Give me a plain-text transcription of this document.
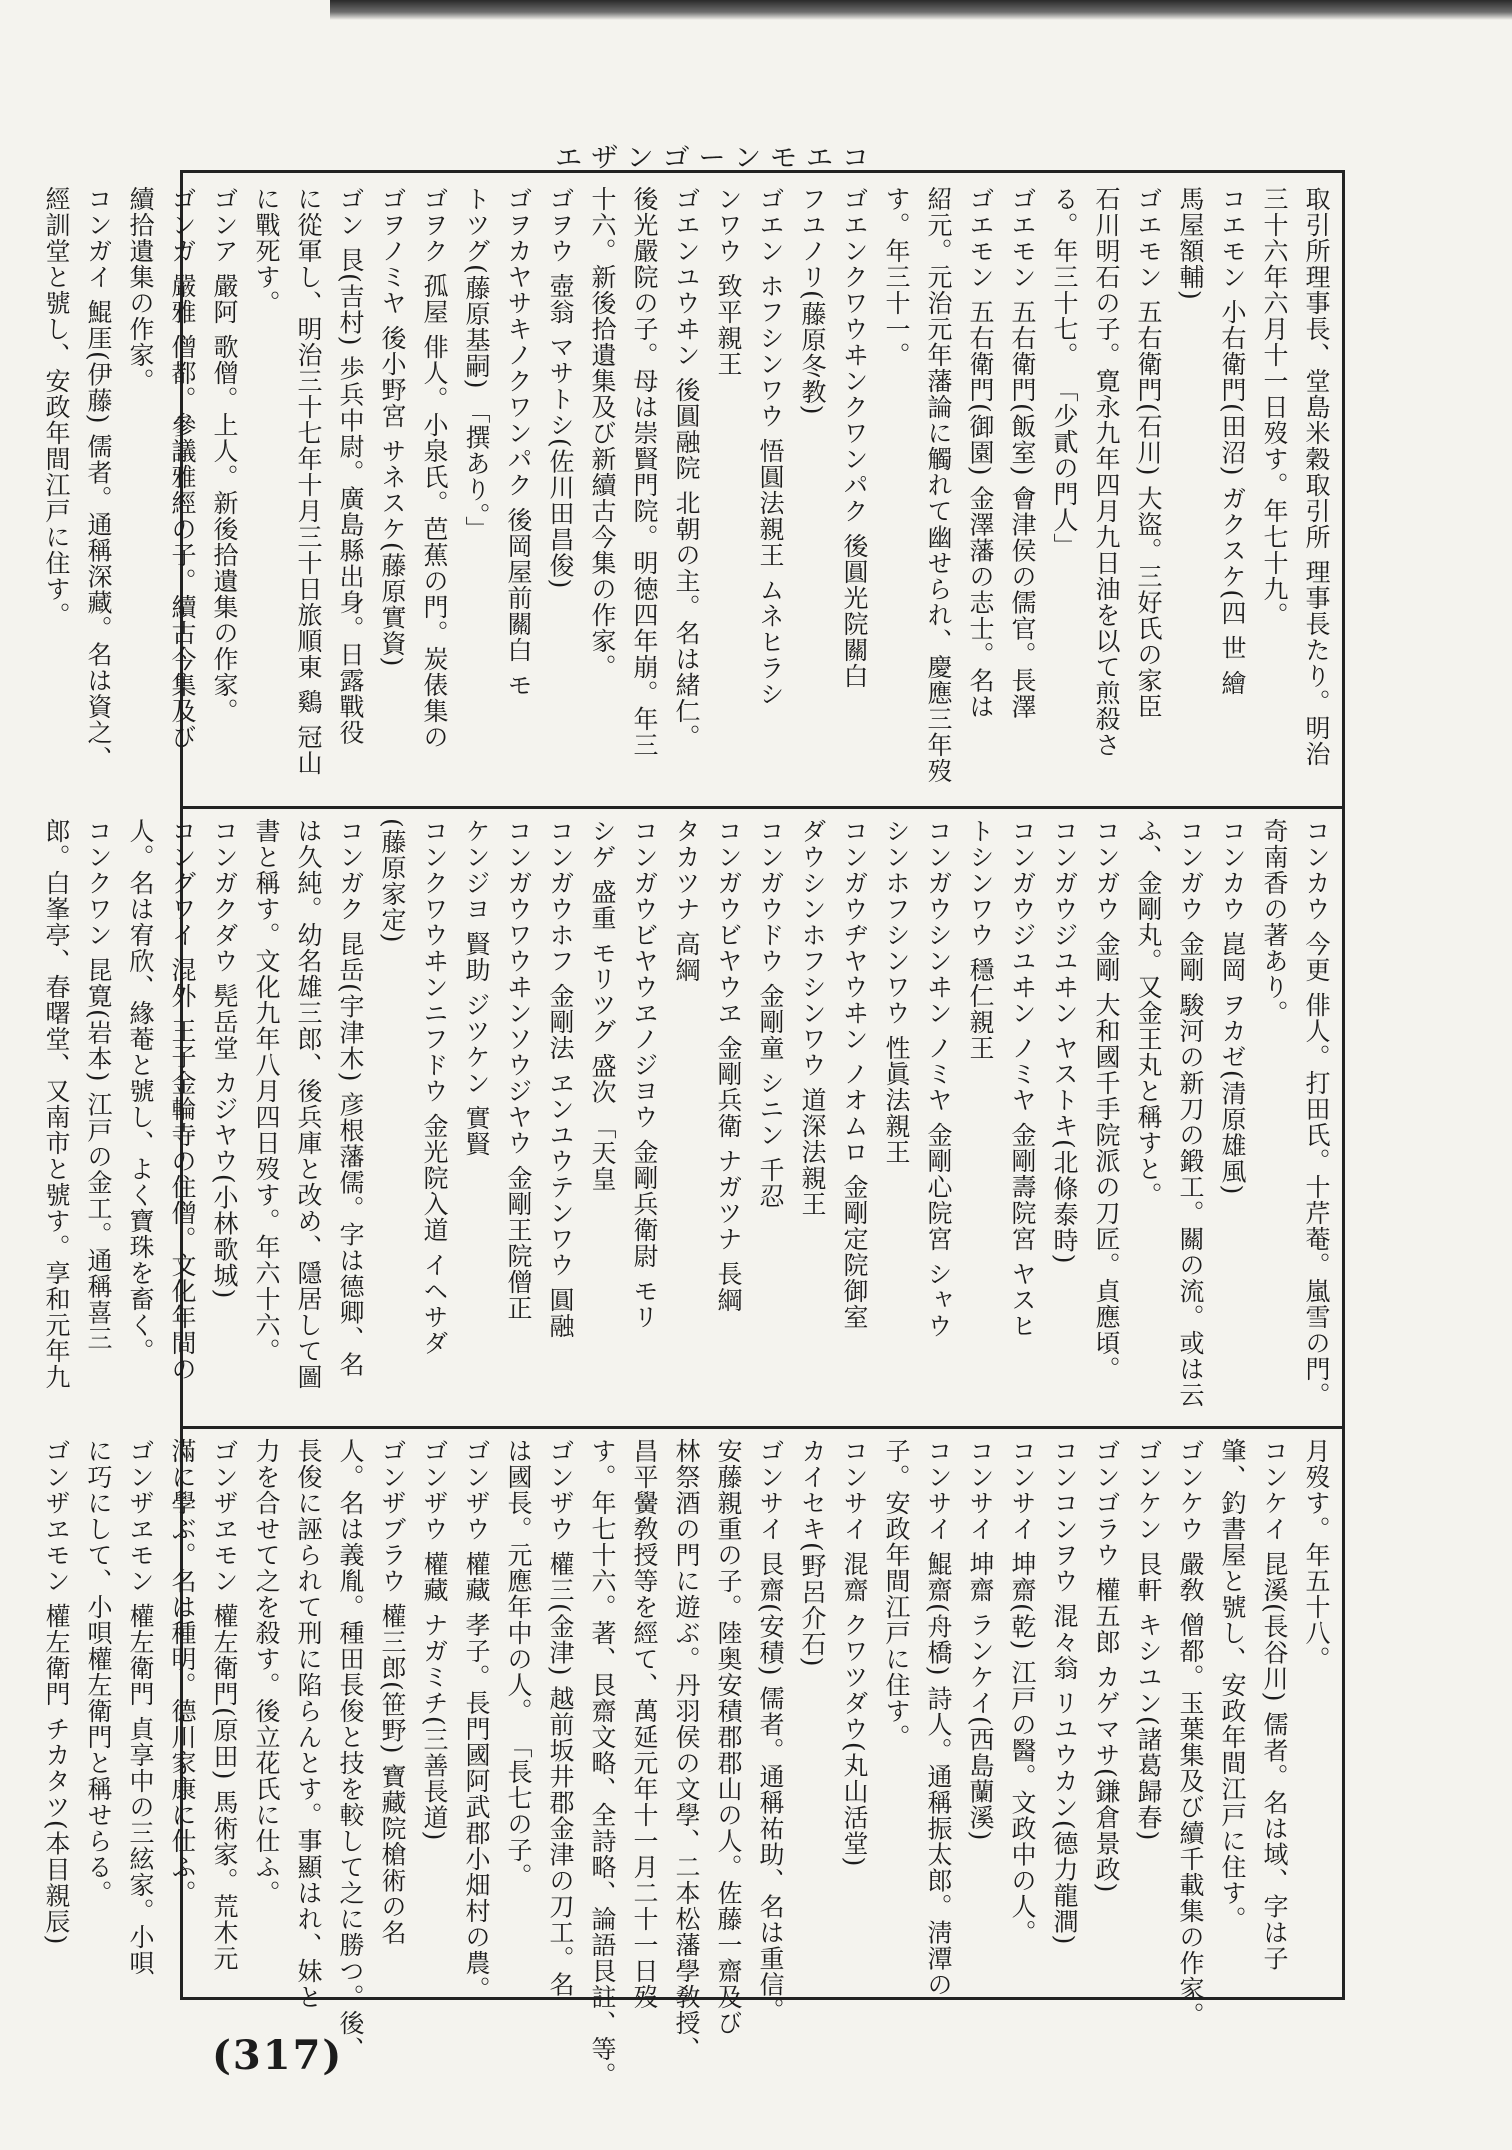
エザンゴーンモエコ
取引所理事長、堂島米穀取引所 理事長たり。明治
三十六年六月十一日歿す。年七十九。
コエモン 小右衛門(田沼) ガクスケ(四 世 繪
馬屋額輔)
ゴエモン 五右衛門(石川) 大盜。三好氏の家臣
石川明石の子。寛永九年四月九日油を以て煎殺さ
る。年三十七。 「少貳の門人」
ゴエモン 五右衛門(飯室) 會津侯の儒官。長澤
ゴエモン 五右衛門(御園) 金澤藩の志士。名は
紹元。元治元年藩論に觸れて幽せられ、慶應三年歿
す。年三十一。
ゴエンクワウヰンクワンパク 後圓光院關白
フユノリ(藤原冬教)
ゴエン ホフシンワウ 悟圓法親王 ムネヒラシ
ンワウ 致平親王
ゴエンユウヰン 後圓融院 北朝の主。名は緒仁。
後光嚴院の子。母は崇賢門院。明徳四年崩。年三
十六。新後拾遺集及び新續古今集の作家。
ゴヲウ 壺翁 マサトシ(佐川田昌俊)
ゴヲカヤサキノクワンパク 後岡屋前關白 モ
トツグ(藤原基嗣) 「撰あり。」
ゴヲク 孤屋 俳人。小泉氏。芭蕉の門。炭俵集の
ゴヲノミヤ 後小野宮 サネスケ(藤原實資)
ゴン 艮(吉村) 歩兵中尉。廣島縣出身。日露戰役
に從軍し、明治三十七年十月三十日旅順東 鷄 冠山
に戰死す。
ゴンア 嚴阿 歌僧。上人。新後拾遺集の作家。
ゴンガ 嚴雅 僧都。參議雅經の子。續古今集及び
續拾遺集の作家。
コンガイ 鯤厓(伊藤) 儒者。通稱深藏。名は資之、
經訓堂と號し、安政年間江戸に住す。
コンカウ 今更 俳人。打田氏。十芹菴。嵐雪の門。
奇南香の著あり。
コンカウ 崑岡 ヲカゼ(清原雄風)
コンガウ 金剛 駿河の新刀の鍛工。關の流。或は云
ふ、金剛丸。又金王丸と稱すと。
コンガウ 金剛 大和國千手院派の刀匠。貞應頃。
コンガウジユヰン ヤストキ(北條泰時)
コンガウジユヰン ノミヤ 金剛壽院宮 ヤスヒ
トシンワウ 穩仁親王
コンガウシンヰン ノミヤ 金剛心院宮 シャウ
シンホフシンワウ 性眞法親王
コンガウヂヤウヰン ノオムロ 金剛定院御室
ダウシンホフシンワウ 道深法親王
コンガウドウ 金剛童 シニン 千忍
コンガウビヤウヱ 金剛兵衛 ナガツナ 長綱
タカツナ 高綱
コンガウビヤウヱノジヨウ 金剛兵衛尉 モリ
シゲ 盛重 モリツグ 盛次 「天皇
コンガウホフ 金剛法 ヱンユウテンワウ 圓融
コンガウワウヰンソウジヤウ 金剛王院僧正
ケンジヨ 賢助 ジツケン 實賢
コンクワウヰンニフドウ 金光院入道 イヘサダ
(藤原家定)
コンガク 昆岳(宇津木) 彦根藩儒。字は德卿、名
は久純。幼名雄三郎、後兵庫と改め、隱居して圖
書と稱す。文化九年八月四日歿す。年六十六。
コンガクダウ 髡岳堂 カジヤウ(小林歌城)
コングワイ 混外 王子金輪寺の住僧。文化年間の
人。名は宥欣、緣菴と號し、よく寶珠を畜く。
コンクワン 昆寛(岩本) 江戸の金工。通稱喜三
郎。白峯亭、春曙堂、又南市と號す。享和元年九
月歿す。年五十八。
コンケイ 昆溪(長谷川) 儒者。名は域、字は子
肇、釣書屋と號し、安政年間江戸に住す。
ゴンケウ 嚴敎 僧都。玉葉集及び續千載集の作家。
ゴンケン 艮軒 キシユン(諸葛歸春)
ゴンゴラウ 權五郎 カゲマサ(鎌倉景政)
コンコンヲウ 混々翁 リユウカン(德力龍澗)
コンサイ 坤齋(乾) 江戸の醫。文政中の人。
コンサイ 坤齋 ランケイ(西島蘭溪)
コンサイ 鯤齋(舟橋) 詩人。通稱振太郎。淸潭の
子。安政年間江戸に住す。
コンサイ 混齋 クワツダウ(丸山活堂)
カイセキ(野呂介石)
ゴンサイ 艮齋(安積) 儒者。通稱祐助、名は重信。
安藤親重の子。陸奥安積郡郡山の人。佐藤一齋及び
林祭酒の門に遊ぶ。丹羽侯の文學、二本松藩學敎授、
昌平黌敎授等を經て、萬延元年十一月二十一日歿
す。年七十六。著、艮齋文略、全詩略、論語艮註、等。
ゴンザウ 權三(金津) 越前坂井郡金津の刀工。名
は國長。元應年中の人。 「長七の子。
ゴンザウ 權藏 孝子。長門國阿武郡小畑村の農。
ゴンザウ 權藏 ナガミチ(三善長道)
ゴンザブラウ 權三郎(笹野) 寶藏院槍術の名
人。名は義胤。種田長俊と技を較して之に勝つ。後、
長俊に誣られて刑に陷らんとす。事顯はれ、妹と
力を合せて之を殺す。後立花氏に仕ふ。
ゴンザヱモン 權左衛門(原田) 馬術家。荒木元
滿に學ぶ。名は種明。德川家康に仕ふ。
ゴンザヱモン 權左衛門 貞享中の三絃家。小唄
に巧にして、小唄權左衛門と稱せらる。
ゴンザヱモン 權左衛門 チカタツ(本目親辰)
(317)
